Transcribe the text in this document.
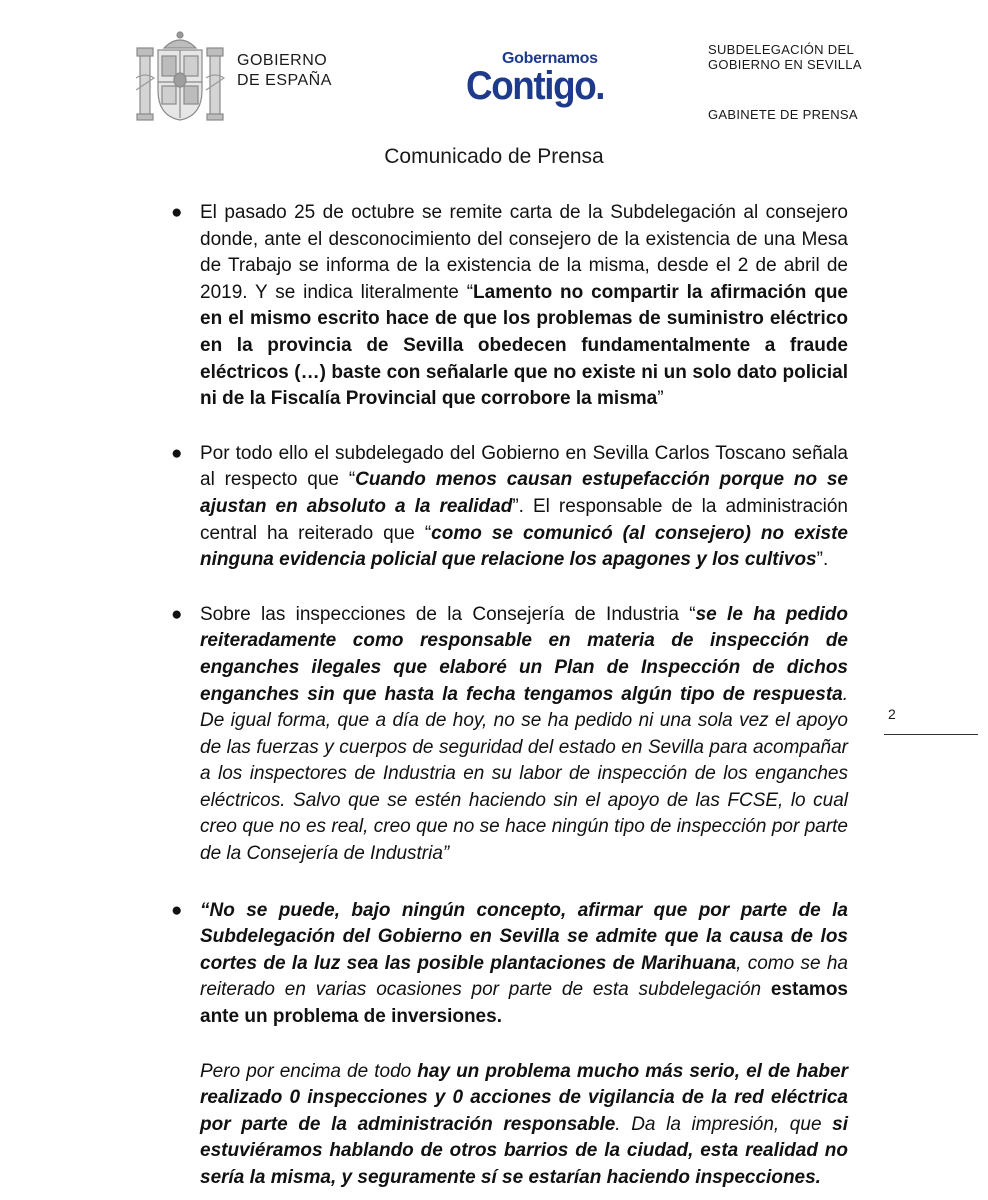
GOBIERNO
DE ESPAÑA
Gobernamos
Contigo.
SUBDELEGACIÓN DEL
GOBIERNO EN SEVILLA
GABINETE DE PRENSA
Comunicado de Prensa
● El pasado 25 de octubre se remite carta de la Subdelegación al consejero donde, ante el desconocimiento del consejero de la existencia de una Mesa de Trabajo se informa de la existencia de la misma, desde el 2 de abril de 2019. Y se indica literalmente “Lamento no compartir la afirmación que en el mismo escrito hace de que los problemas de suministro eléctrico en la provincia de Sevilla obedecen fundamentalmente a fraude eléctricos (…) baste con señalarle que no existe ni un solo dato policial ni de la Fiscalía Provincial que corrobore la misma”

● Por todo ello el subdelegado del Gobierno en Sevilla Carlos Toscano señala al respecto que “Cuando menos causan estupefacción porque no se ajustan en absoluto a la realidad”. El responsable de la administración central ha reiterado que “como se comunicó (al consejero) no existe ninguna evidencia policial que relacione los apagones y los cultivos”.

● Sobre las inspecciones de la Consejería de Industria “se le ha pedido reiteradamente como responsable en materia de inspección de enganches ilegales que elaboré un Plan de Inspección de dichos enganches sin que hasta la fecha tengamos algún tipo de respuesta. De igual forma, que a día de hoy, no se ha pedido ni una sola vez el apoyo de las fuerzas y cuerpos de seguridad del estado en Sevilla para acompañar a los inspectores de Industria en su labor de inspección de los enganches eléctricos. Salvo que se estén haciendo sin el apoyo de las FCSE, lo cual creo que no es real, creo que no se hace ningún tipo de inspección por parte de la Consejería de Industria”

● “No se puede, bajo ningún concepto, afirmar que por parte de la Subdelegación del Gobierno en Sevilla se admite que la causa de los cortes de la luz sea las posible plantaciones de Marihuana, como se ha reiterado en varias ocasiones por parte de esta subdelegación estamos ante un problema de inversiones.

Pero por encima de todo hay un problema mucho más serio, el de haber realizado 0 inspecciones y 0 acciones de vigilancia de la red eléctrica por parte de la administración responsable. Da la impresión, que si estuviéramos hablando de otros barrios de la ciudad, esta realidad no sería la misma, y seguramente sí se estarían haciendo inspecciones.

2
